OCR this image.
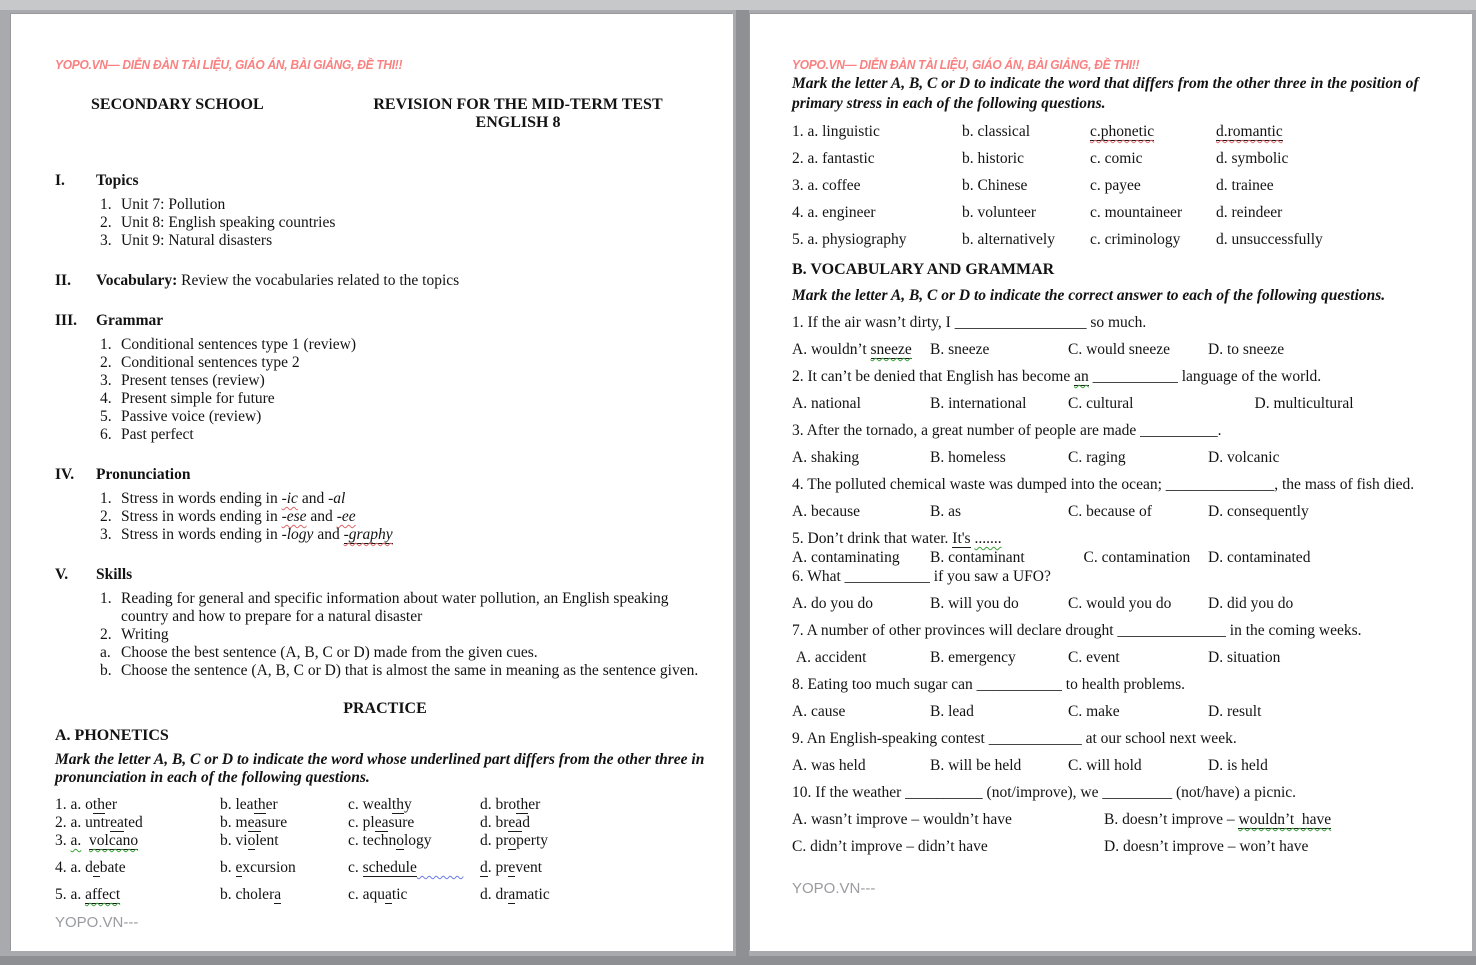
YOPO.VN— DIỄN ĐÀN TÀI LIỆU, GIÁO ÁN, BÀI GIẢNG, ĐỀ THI!!
SECONDARY SCHOOL	REVISION FOR THE MID-TERM TEST
ENGLISH 8
I.	Topics
1. Unit 7: Pollution
2. Unit 8: English speaking countries
3. Unit 9: Natural disasters
II.	Vocabulary: Review the vocabularies related to the topics
III.	Grammar
1. Conditional sentences type 1 (review)
2. Conditional sentences type 2
3. Present tenses (review)
4. Present simple for future
5. Passive voice (review)
6. Past perfect
IV.	Pronunciation
1. Stress in words ending in -ic and -al
2. Stress in words ending in -ese and -ee
3. Stress in words ending in -logy and -graphy
V.	Skills
1. Reading for general and specific information about water pollution, an English speaking country and how to prepare for a natural disaster
2. Writing
a. Choose the best sentence (A, B, C or D) made from the given cues.
b. Choose the sentence (A, B, C or D) that is almost the same in meaning as the sentence given.
PRACTICE
A. PHONETICS
Mark the letter A, B, C or D to indicate the word whose underlined part differs from the other three in pronunciation in each of the following questions.
1. a. other	b. leather	c. wealthy	d. brother
2. a. untreated	b. measure	c. pleasure	d. bread
3. a. volcano	b. violent	c. technology	d. property
4. a. debate	b. excursion	c. schedule	d. prevent
5. a. affect	b. cholera	c. aquatic	d. dramatic
YOPO.VN---
YOPO.VN— DIỄN ĐÀN TÀI LIỆU, GIÁO ÁN, BÀI GIẢNG, ĐỀ THI!!
Mark the letter A, B, C or D to indicate the word that differs from the other three in the position of primary stress in each of the following questions.
1. a. linguistic	b. classical	c.phonetic	d.romantic
2. a. fantastic	b. historic	c. comic	d. symbolic
3. a. coffee	b. Chinese	c. payee	d. trainee
4. a. engineer	b. volunteer	c. mountaineer	d. reindeer
5. a. physiography	b. alternatively	c. criminology	d. unsuccessfully
B. VOCABULARY AND GRAMMAR
Mark the letter A, B, C or D to indicate the correct answer to each of the following questions.
1. If the air wasn’t dirty, I _________________ so much.
A. wouldn’t sneeze	B. sneeze	C. would sneeze	D. to sneeze
2. It can’t be denied that English has become an ___________ language of the world.
A. national	B. international	C. cultural	D. multicultural
3. After the tornado, a great number of people are made __________.
A. shaking	B. homeless	C. raging	D. volcanic
4. The polluted chemical waste was dumped into the ocean; ______________, the mass of fish died.
A. because	B. as	C. because of	D. consequently
5. Don’t drink that water. It's .......
A. contaminating	B. contaminant	C. contamination	D. contaminated
6. What ___________ if you saw a UFO?
A. do you do	B. will you do	C. would you do	D. did you do
7. A number of other provinces will declare drought ______________ in the coming weeks.
A. accident	B. emergency	C. event	D. situation
8. Eating too much sugar can ___________ to health problems.
A. cause	B. lead	C. make	D. result
9. An English-speaking contest ____________ at our school next week.
A. was held	B. will be held	C. will hold	D. is held
10. If the weather __________ (not/improve), we _________ (not/have) a picnic.
A. wasn’t improve – wouldn’t have	B. doesn’t improve – wouldn’t  have
C. didn’t improve – didn’t have	D. doesn’t improve – won’t have
YOPO.VN---
